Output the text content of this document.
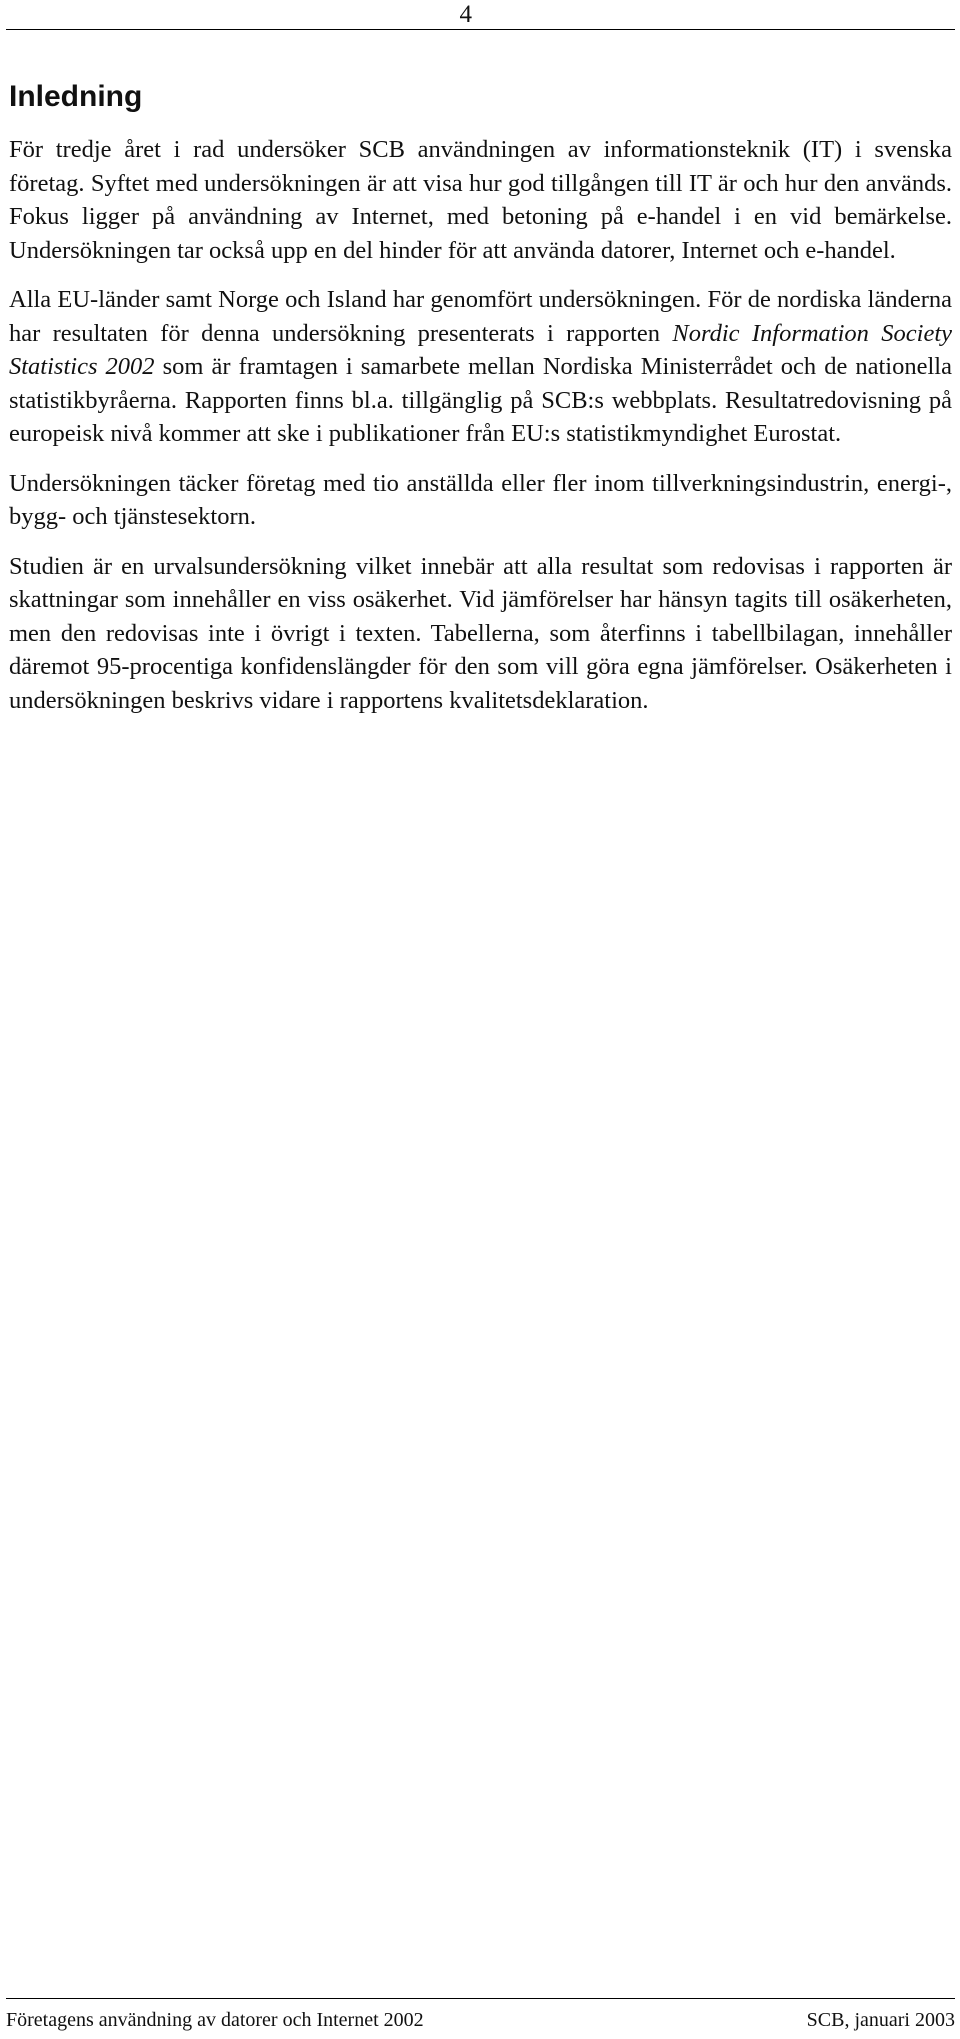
4
Inledning

För tredje året i rad undersöker SCB användningen av informationsteknik (IT) i svenska företag. Syftet med undersökningen är att visa hur god tillgången till IT är och hur den används. Fokus ligger på användning av Internet, med betoning på e-handel i en vid bemärkelse. Undersökningen tar också upp en del hinder för att använda datorer, Internet och e-handel.

Alla EU-länder samt Norge och Island har genomfört undersökningen. För de nordiska länderna har resultaten för denna undersökning presenterats i rapporten Nordic Information Society Statistics 2002 som är framtagen i samarbete mellan Nordiska Ministerrådet och de nationella statistikbyråerna. Rapporten finns bl.a. tillgänglig på SCB:s webbplats. Resultatredovisning på europeisk nivå kommer att ske i publikationer från EU:s statistikmyndighet Eurostat.

Undersökningen täcker företag med tio anställda eller fler inom tillverkningsindustrin, energi-, bygg- och tjänstesektorn.

Studien är en urvalsundersökning vilket innebär att alla resultat som redovisas i rapporten är skattningar som innehåller en viss osäkerhet. Vid jämförelser har hänsyn tagits till osäkerheten, men den redovisas inte i övrigt i texten. Tabellerna, som återfinns i tabellbilagan, innehåller däremot 95-procentiga konfidenslängder för den som vill göra egna jämförelser. Osäkerheten i undersökningen beskrivs vidare i rapportens kvalitetsdeklaration.

Företagens användning av datorer och Internet 2002	SCB, januari 2003
